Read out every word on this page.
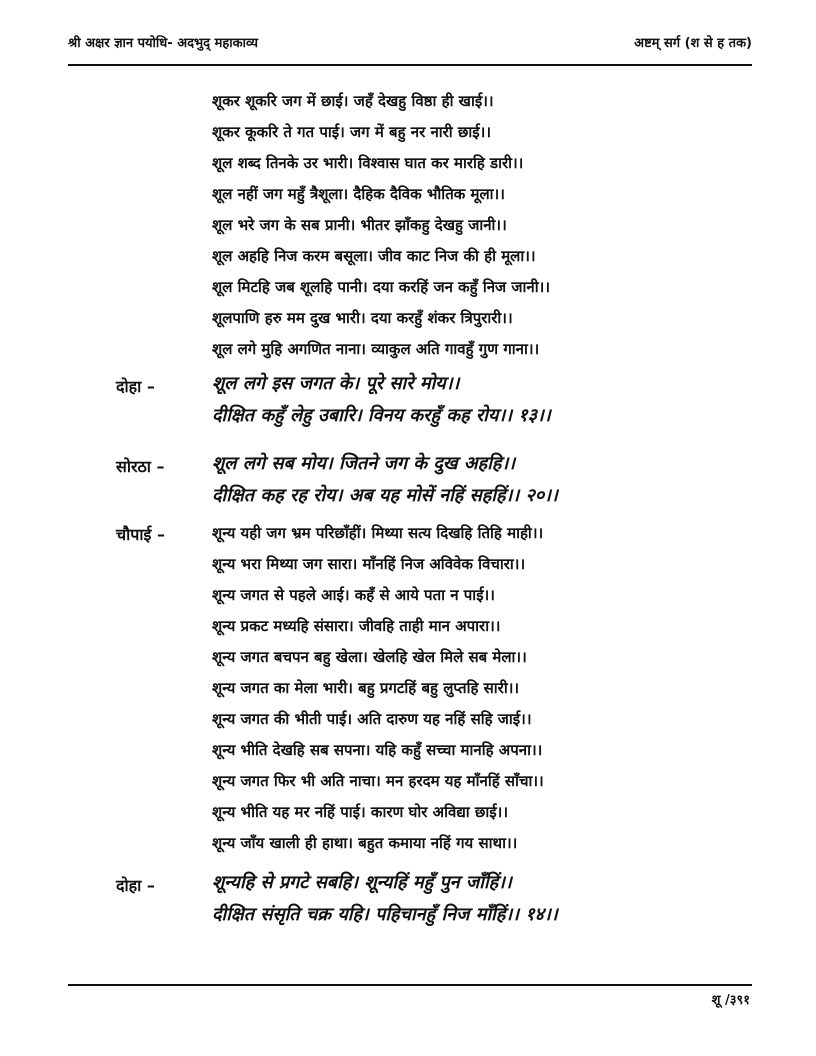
श्री अक्षर ज्ञान पयोधि- अदभुद् महाकाव्य	अष्टम् सर्ग (श से ह तक)
शूकर शूकरि जग में छाई। जहँ देखहु विष्ठा ही खाई।।
शूकर कूकरि ते गत पाई। जग में बहु नर नारी छाई।।
शूल शब्द तिनके उर भारी। विश्वास घात कर मारहि डारी।।
शूल नहीं जग महुँ त्रैशूला। दैहिक दैविक भौतिक मूला।।
शूल भरे जग के सब प्रानी। भीतर झाँकहु देखहु जानी।।
शूल अहहि निज करम बसूला। जीव काट निज की ही मूला।।
शूल मिटहि जब शूलहि पानी। दया करहिं जन कहुँ निज जानी।।
शूलपाणि हरु मम दुख भारी। दया करहुँ शंकर त्रिपुरारी।।
शूल लगे मुहि अगणित नाना। व्याकुल अति गावहुँ गुण गाना।।
दोहा –	शूल लगे इस जगत के। पूरे सारे मोय।।
दीक्षित कहुँ लेहु उबारि। विनय करहुँ कह रोय।। १३।।
सोरठा –	शूल लगे सब मोय। जितने जग के दुख अहहि।।
दीक्षित कह रह रोय। अब यह मोसें नहिं सहहिं।। २०।।
चौपाई –	शून्य यही जग भ्रम परिछाँहीं। मिथ्या सत्य दिखहि तिहि माही।।
शून्य भरा मिथ्या जग सारा। माँनहिं निज अविवेक विचारा।।
शून्य जगत से पहले आई। कहँ से आये पता न पाई।।
शून्य प्रकट मध्यहि संसारा। जीवहि ताही मान अपारा।।
शून्य जगत बचपन बहु खेला। खेलहि खेल मिले सब मेला।।
शून्य जगत का मेला भारी। बहु प्रगटहिं बहु लुप्तहि सारी।।
शून्य जगत की भीती पाई। अति दारुण यह नहिं सहि जाई।।
शून्य भीति देखहि सब सपना। यहि कहुँ सच्चा मानहि अपना।।
शून्य जगत फिर भी अति नाचा। मन हरदम यह माँनहिं साँचा।।
शून्य भीति यह मर नहिं पाई। कारण घोर अविद्या छाई।।
शून्य जाँय खाली ही हाथा। बहुत कमाया नहिं गय साथा।।
दोहा –	शून्यहि से प्रगटे सबहि। शून्यहिं महुँ पुन जाँहिं।।
दीक्षित संसृति चक्र यहि। पहिचानहुँ निज माँहिं।। १४।।
शू /३९१
